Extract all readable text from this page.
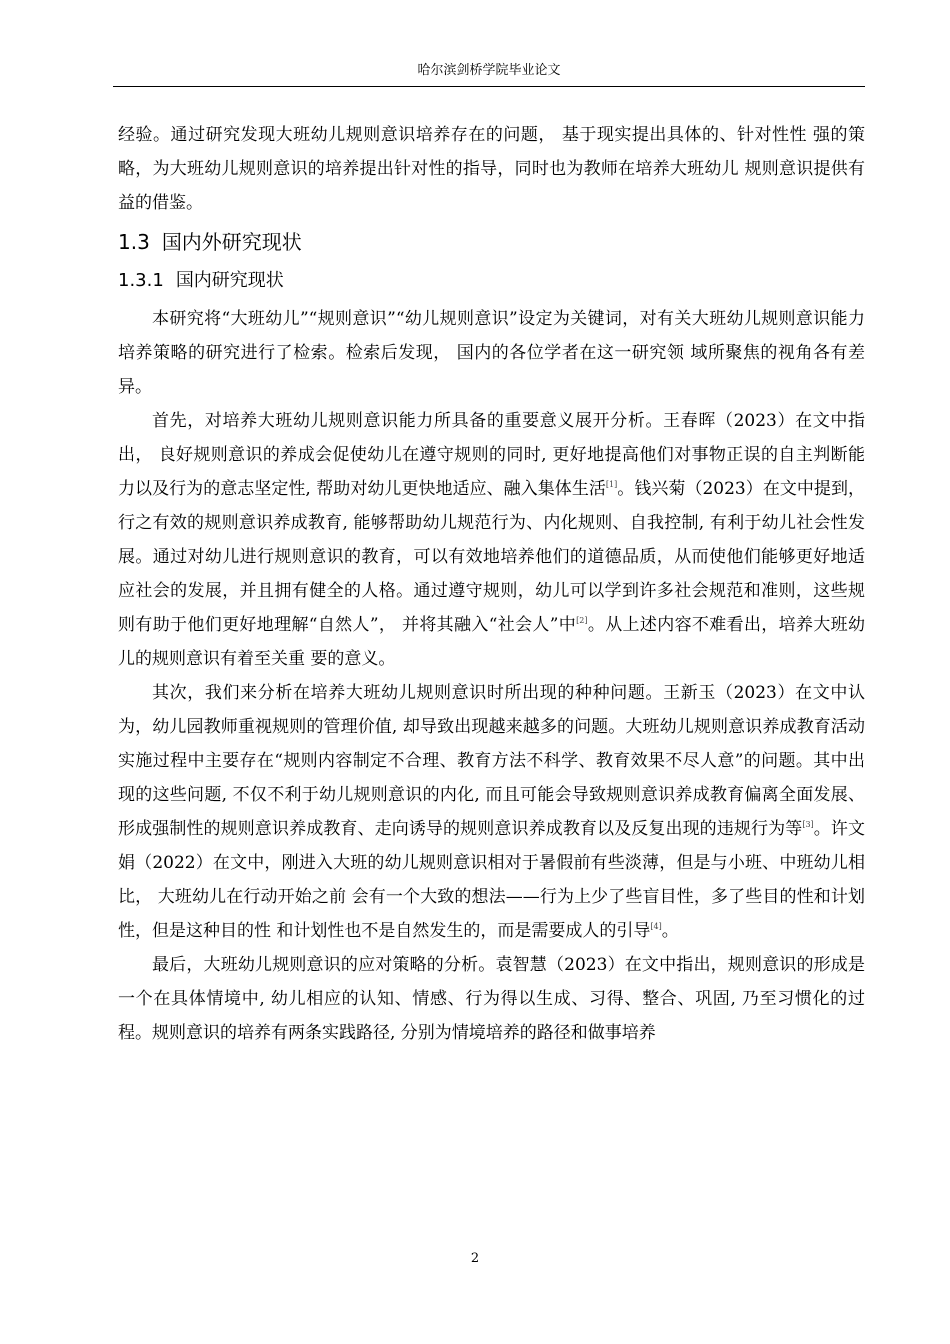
哈尔滨剑桥学院毕业论文

经验。通过研究发现大班幼儿规则意识培养存在的问题， 基于现实提出具体的、针对性性 强的策略，为大班幼儿规则意识的培养提出针对性的指导，同时也为教师在培养大班幼儿 规则意识提供有益的借鉴。

1.3 国内外研究现状
1.3.1 国内研究现状

本研究将“大班幼儿”“规则意识”“幼儿规则意识”设定为关键词，对有关大班幼儿规则意识能力培养策略的研究进行了检索。检索后发现， 国内的各位学者在这一研究领 域所聚焦的视角各有差异。

首先，对培养大班幼儿规则意识能力所具备的重要意义展开分析。王春晖（2023）在文中指出， 良好规则意识的养成会促使幼儿在遵守规则的同时, 更好地提高他们对事物正误的自主判断能力以及行为的意志坚定性, 帮助对幼儿更快地适应、融入集体生活[1]。钱兴菊（2023）在文中提到，行之有效的规则意识养成教育, 能够帮助幼儿规范行为、内化规则、自我控制, 有利于幼儿社会性发展。通过对幼儿进行规则意识的教育，可以有效地培养他们的道德品质，从而使他们能够更好地适应社会的发展，并且拥有健全的人格。通过遵守规则，幼儿可以学到许多社会规范和准则，这些规则有助于他们更好地理解“自然人”， 并将其融入“社会人”中[2]。从上述内容不难看出，培养大班幼儿的规则意识有着至关重 要的意义。

其次，我们来分析在培养大班幼儿规则意识时所出现的种种问题。王新玉（2023）在文中认为，幼儿园教师重视规则的管理价值, 却导致出现越来越多的问题。大班幼儿规则意识养成教育活动实施过程中主要存在“规则内容制定不合理、教育方法不科学、教育效果不尽人意”的问题。其中出现的这些问题, 不仅不利于幼儿规则意识的内化, 而且可能会导致规则意识养成教育偏离全面发展、形成强制性的规则意识养成教育、走向诱导的规则意识养成教育以及反复出现的违规行为等[3]。许文娟（2022）在文中，刚进入大班的幼儿规则意识相对于暑假前有些淡薄，但是与小班、中班幼儿相比， 大班幼儿在行动开始之前 会有一个大致的想法——行为上少了些盲目性，多了些目的性和计划性，但是这种目的性 和计划性也不是自然发生的，而是需要成人的引导[4]。

最后，大班幼儿规则意识的应对策略的分析。袁智慧（2023）在文中指出，规则意识的形成是一个在具体情境中, 幼儿相应的认知、情感、行为得以生成、习得、整合、巩固, 乃至习惯化的过程。规则意识的培养有两条实践路径, 分别为情境培养的路径和做事培养

2
